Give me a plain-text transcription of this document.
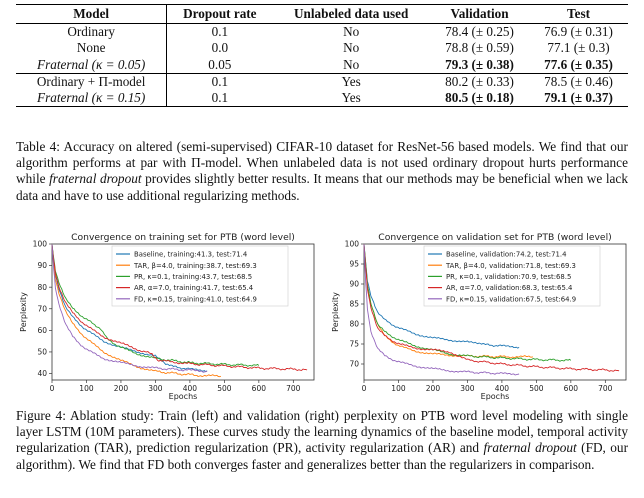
Model	Dropout rate	Unlabeled data used	Validation	Test
Ordinary	0.1	No	78.4 (± 0.25)	76.9 (± 0.31)
None	0.0	No	78.8 (± 0.59)	77.1 (± 0.3)
Fraternal (κ = 0.05)	0.05	No	79.3 (± 0.38)	77.6 (± 0.35)
Ordinary + Π-model	0.1	Yes	80.2 (± 0.33)	78.5 (± 0.46)
Fraternal (κ = 0.15)	0.1	Yes	80.5 (± 0.18)	79.1 (± 0.37)
Table 4: Accuracy on altered (semi-supervised) CIFAR-10 dataset for ResNet-56 based models. We find that our algorithm performs at par with Π-model. When unlabeled data is not used ordinary dropout hurts performance while fraternal dropout provides slightly better results. It means that our methods may be beneficial when we lack data and have to use additional regularizing methods.
Convergence on training set for PTB (word level)
0	100	200	300	400	500	600	700
40
50
60
70
80
90
100
Epochs
Perplexity
Baseline, training:41.3, test:71.4
TAR, β=4.0, training:38.7, test:69.3
PR, κ=0.1, training:43.7, test:68.5
AR, α=7.0, training:41.7, test:65.4
FD, κ=0.15, training:41.0, test:64.9
Convergence on validation set for PTB (word level)
0	100	200	300	400	500	600	700
70
75
80
85
90
95
100
Epochs
Perplexity
Baseline, validation:74.2, test:71.4
TAR, β=4.0, validation:71.8, test:69.3
PR, κ=0.1, validation:70.9, test:68.5
AR, α=7.0, validation:68.3, test:65.4
FD, κ=0.15, validation:67.5, test:64.9
Figure 4: Ablation study: Train (left) and validation (right) perplexity on PTB word level modeling with single layer LSTM (10M parameters). These curves study the learning dynamics of the baseline model, temporal activity regularization (TAR), prediction regularization (PR), activity regularization (AR) and fraternal dropout (FD, our algorithm). We find that FD both converges faster and generalizes better than the regularizers in comparison.
